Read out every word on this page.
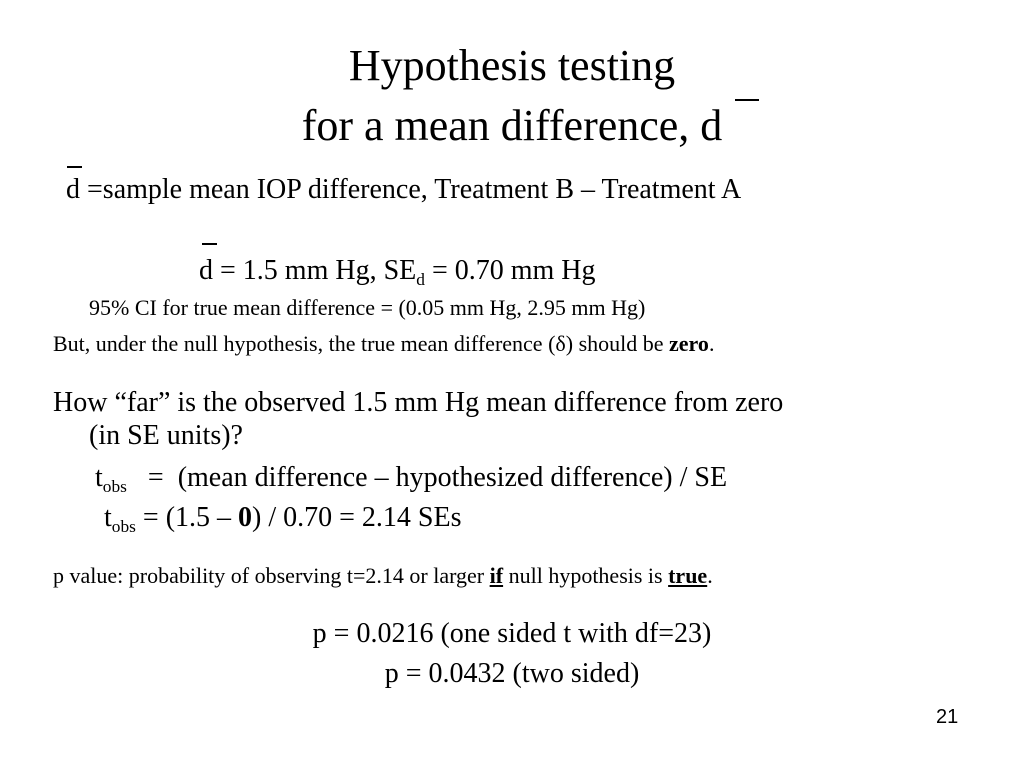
Hypothesis testing
for a mean difference, d
d =sample mean IOP difference, Treatment B – Treatment A
d = 1.5 mm Hg, $SE_d = 0.70$ mm Hg
95% CI for true mean difference = (0.05 mm Hg, 2.95 mm Hg)
But, under the null hypothesis, the true mean difference (δ) should be zero.
How “far” is the observed 1.5 mm Hg mean difference from zero
(in SE units)?
$t_{obs}$   =  (mean difference – hypothesized difference) / SE
$t_{obs} = (1.5 - 0) / 0.70 = 2.14$ SEs
p value: probability of observing t=2.14 or larger if null hypothesis is true.
p = 0.0216 (one sided t with df=23)
p = 0.0432 (two sided)
21
